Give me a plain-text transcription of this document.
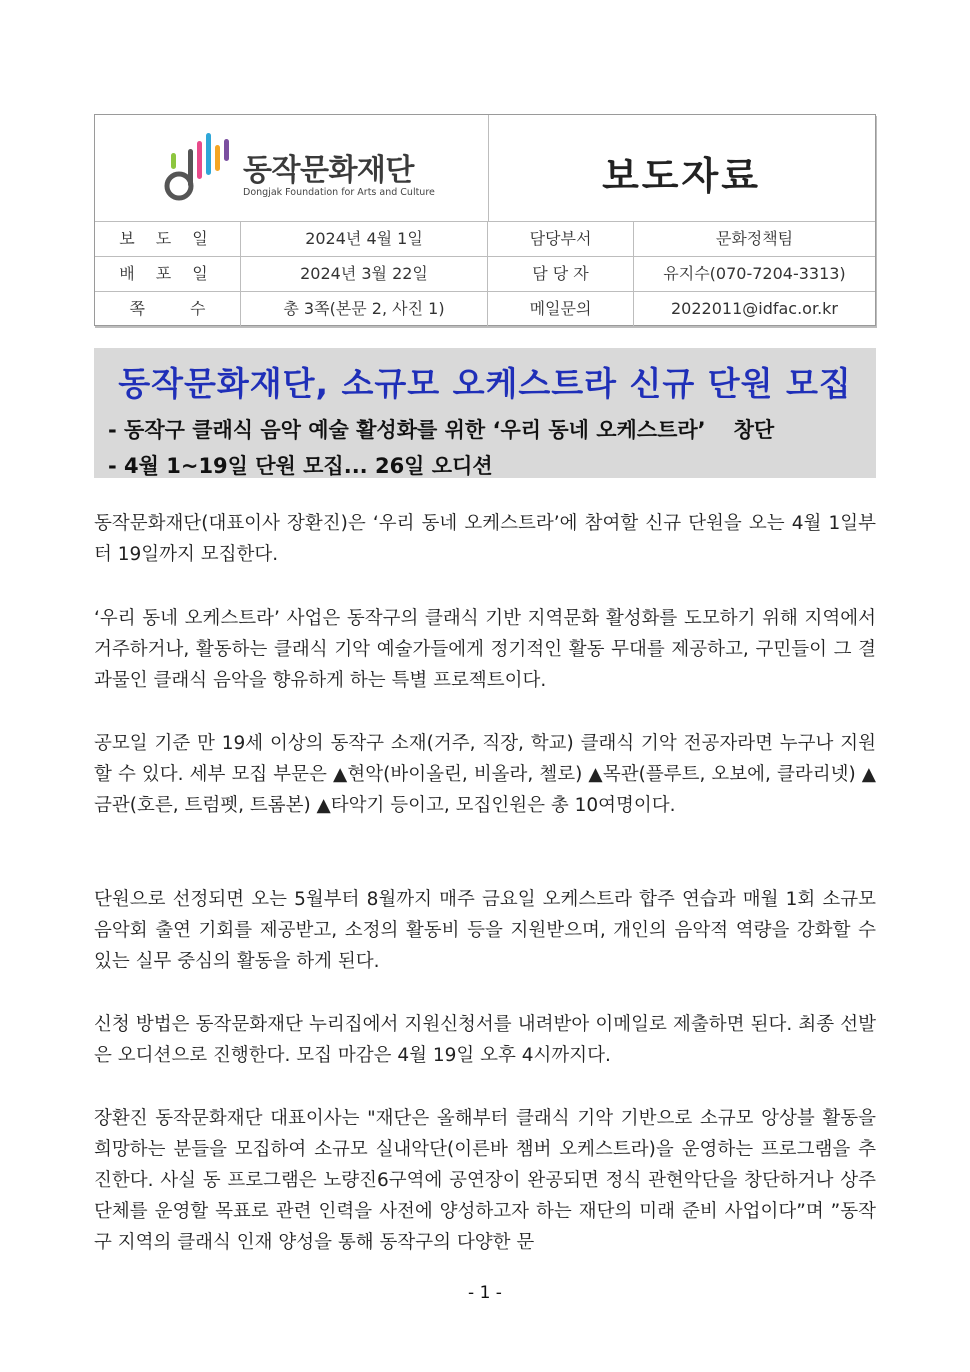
동작문화재단
Dongjak Foundation for Arts and Culture	보도자료
보 도 일	2024년 4월 1일	담당부서	문화정책팀
배 포 일	2024년 3월 22일	담 당 자	유지수(070-7204-3313)
쪽 수	총 3쪽(본문 2, 사진 1)	메일문의	2022011@idfac.or.kr
동작문화재단, 소규모 오케스트라 신규 단원 모집
- 동작구 클래식 음악 예술 활성화를 위한 ‘우리 동네 오케스트라’ 창단
- 4월 1~19일 단원 모집... 26일 오디션
동작문화재단(대표이사 장환진)은 ‘우리 동네 오케스트라’에 참여할 신규 단원을 오는 4월 1일부터 19일까지 모집한다.
‘우리 동네 오케스트라’ 사업은 동작구의 클래식 기반 지역문화 활성화를 도모하기 위해 지역에서 거주하거나, 활동하는 클래식 기악 예술가들에게 정기적인 활동 무대를 제공하고, 구민들이 그 결과물인 클래식 음악을 향유하게 하는 특별 프로젝트이다.
공모일 기준 만 19세 이상의 동작구 소재(거주, 직장, 학교) 클래식 기악 전공자라면 누구나 지원할 수 있다. 세부 모집 부문은 ▲현악(바이올린, 비올라, 첼로) ▲목관(플루트, 오보에, 클라리넷) ▲금관(호른, 트럼펫, 트롬본) ▲타악기 등이고, 모집인원은 총 10여명이다.
단원으로 선정되면 오는 5월부터 8월까지 매주 금요일 오케스트라 합주 연습과 매월 1회 소규모 음악회 출연 기회를 제공받고, 소정의 활동비 등을 지원받으며, 개인의 음악적 역량을 강화할 수 있는 실무 중심의 활동을 하게 된다.
신청 방법은 동작문화재단 누리집에서 지원신청서를 내려받아 이메일로 제출하면 된다. 최종 선발은 오디션으로 진행한다. 모집 마감은 4월 19일 오후 4시까지다.
장환진 동작문화재단 대표이사는 "재단은 올해부터 클래식 기악 기반으로 소규모 앙상블 활동을 희망하는 분들을 모집하여 소규모 실내악단(이른바 챔버 오케스트라)을 운영하는 프로그램을 추진한다. 사실 동 프로그램은 노량진6구역에 공연장이 완공되면 정식 관현악단을 창단하거나 상주단체를 운영할 목표로 관련 인력을 사전에 양성하고자 하는 재단의 미래 준비 사업이다”며 ”동작구 지역의 클래식 인재 양성을 통해 동작구의 다양한 문
- 1 -
